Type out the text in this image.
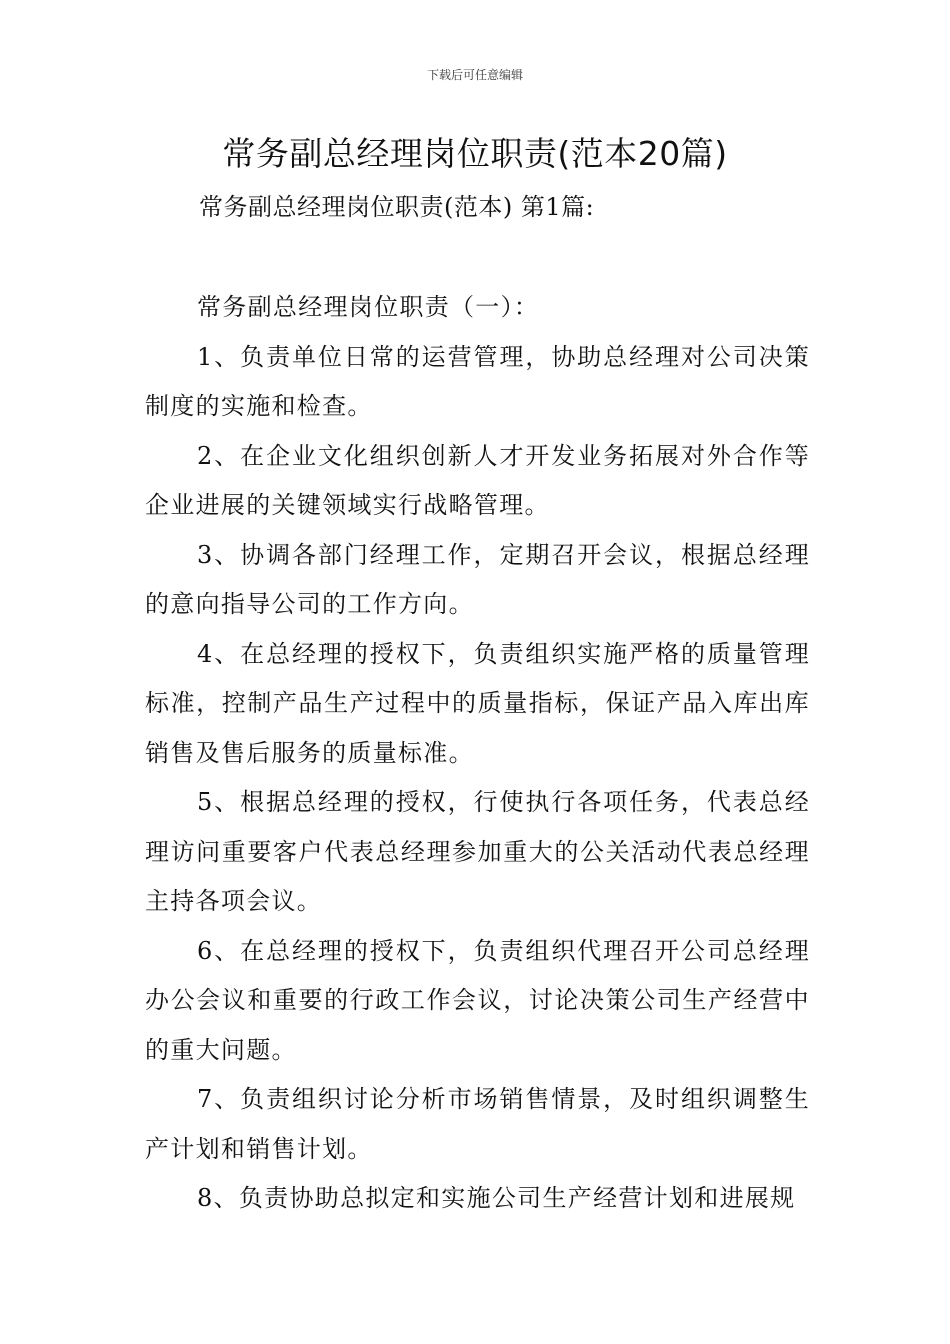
下载后可任意编辑
常务副总经理岗位职责(范本20篇)
常务副总经理岗位职责(范本) 第1篇:

常务副总经理岗位职责（一）：

1、负责单位日常的运营管理，协助总经理对公司决策制度的实施和检查。

2、在企业文化组织创新人才开发业务拓展对外合作等企业进展的关键领域实行战略管理。

3、协调各部门经理工作，定期召开会议，根据总经理的意向指导公司的工作方向。

4、在总经理的授权下，负责组织实施严格的质量管理标准，控制产品生产过程中的质量指标，保证产品入库出库销售及售后服务的质量标准。

5、根据总经理的授权，行使执行各项任务，代表总经理访问重要客户代表总经理参加重大的公关活动代表总经理主持各项会议。

6、在总经理的授权下，负责组织代理召开公司总经理办公会议和重要的行政工作会议，讨论决策公司生产经营中的重大问题。

7、负责组织讨论分析市场销售情景，及时组织调整生产计划和销售计划。

8、负责协助总拟定和实施公司生产经营计划和进展规
